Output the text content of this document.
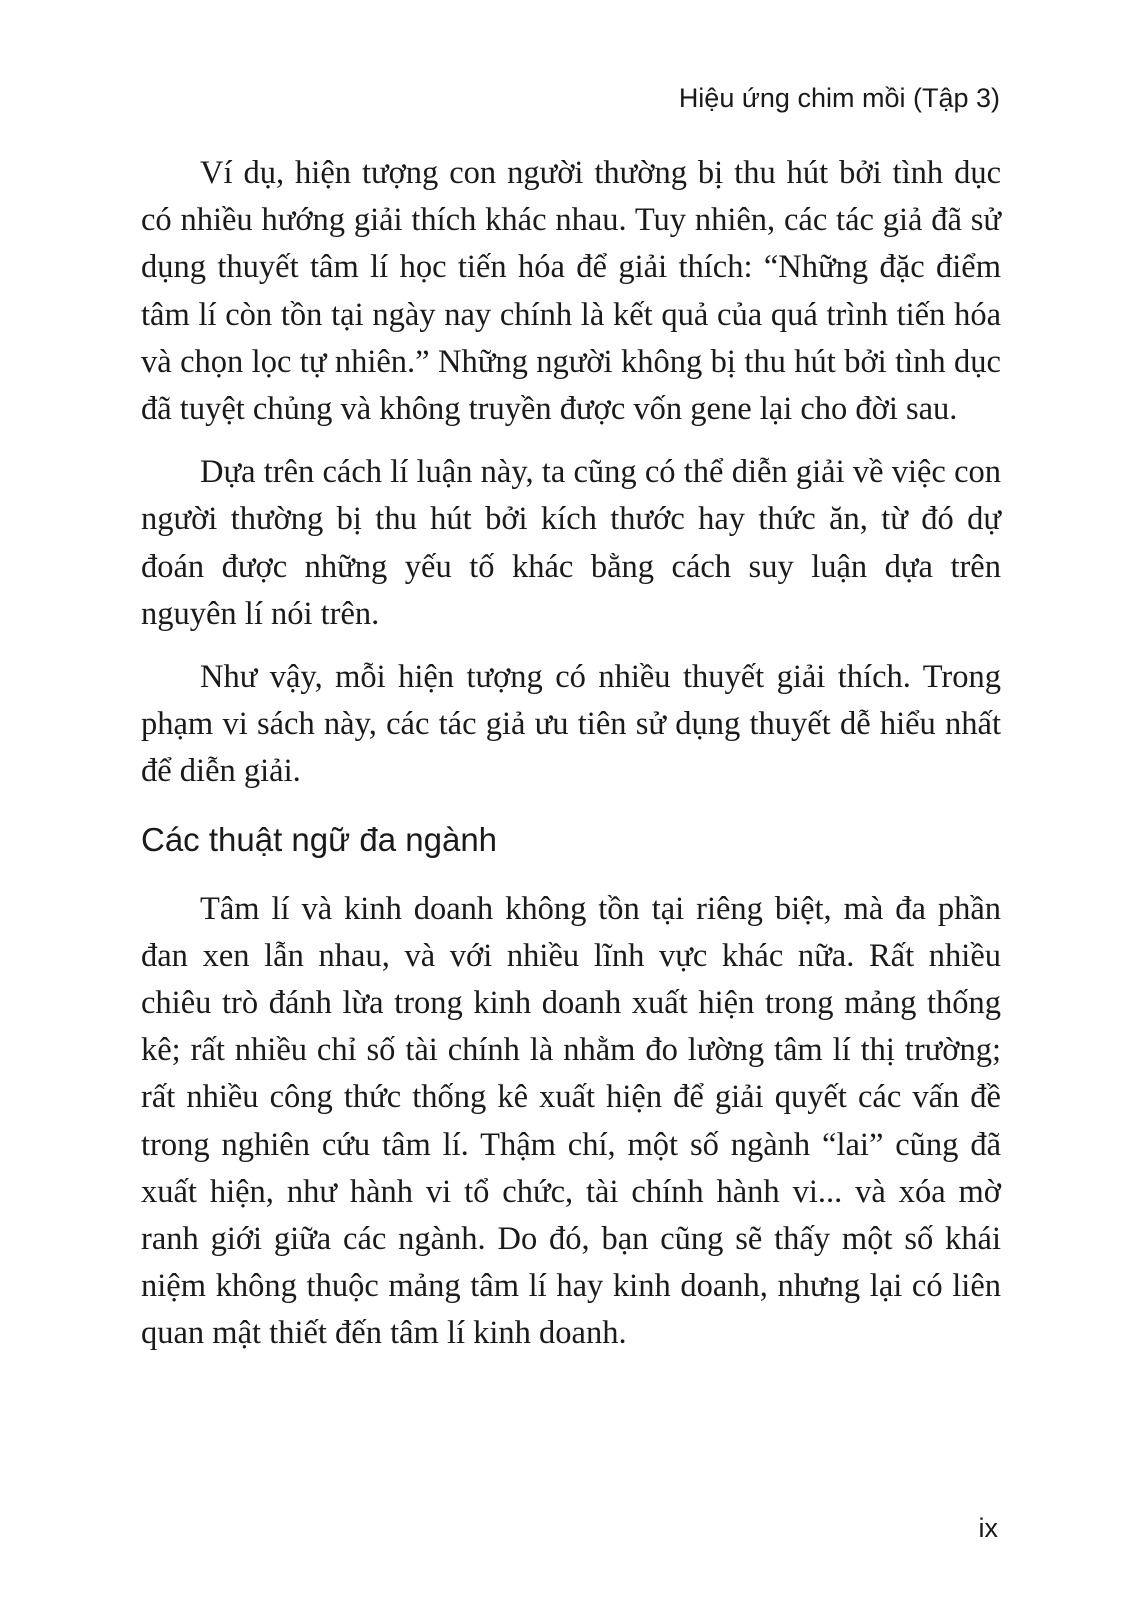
Hiệu ứng chim mồi (Tập 3)

Ví dụ, hiện tượng con người thường bị thu hút bởi tình dục có nhiều hướng giải thích khác nhau. Tuy nhiên, các tác giả đã sử dụng thuyết tâm lí học tiến hóa để giải thích: “Những đặc điểm tâm lí còn tồn tại ngày nay chính là kết quả của quá trình tiến hóa và chọn lọc tự nhiên.” Những người không bị thu hút bởi tình dục đã tuyệt chủng và không truyền được vốn gene lại cho đời sau.

Dựa trên cách lí luận này, ta cũng có thể diễn giải về việc con người thường bị thu hút bởi kích thước hay thức ăn, từ đó dự đoán được những yếu tố khác bằng cách suy luận dựa trên nguyên lí nói trên.

Như vậy, mỗi hiện tượng có nhiều thuyết giải thích. Trong phạm vi sách này, các tác giả ưu tiên sử dụng thuyết dễ hiểu nhất để diễn giải.

Các thuật ngữ đa ngành

Tâm lí và kinh doanh không tồn tại riêng biệt, mà đa phần đan xen lẫn nhau, và với nhiều lĩnh vực khác nữa. Rất nhiều chiêu trò đánh lừa trong kinh doanh xuất hiện trong mảng thống kê; rất nhiều chỉ số tài chính là nhằm đo lường tâm lí thị trường; rất nhiều công thức thống kê xuất hiện để giải quyết các vấn đề trong nghiên cứu tâm lí. Thậm chí, một số ngành “lai” cũng đã xuất hiện, như hành vi tổ chức, tài chính hành vi... và xóa mờ ranh giới giữa các ngành. Do đó, bạn cũng sẽ thấy một số khái niệm không thuộc mảng tâm lí hay kinh doanh, nhưng lại có liên quan mật thiết đến tâm lí kinh doanh.

ix
